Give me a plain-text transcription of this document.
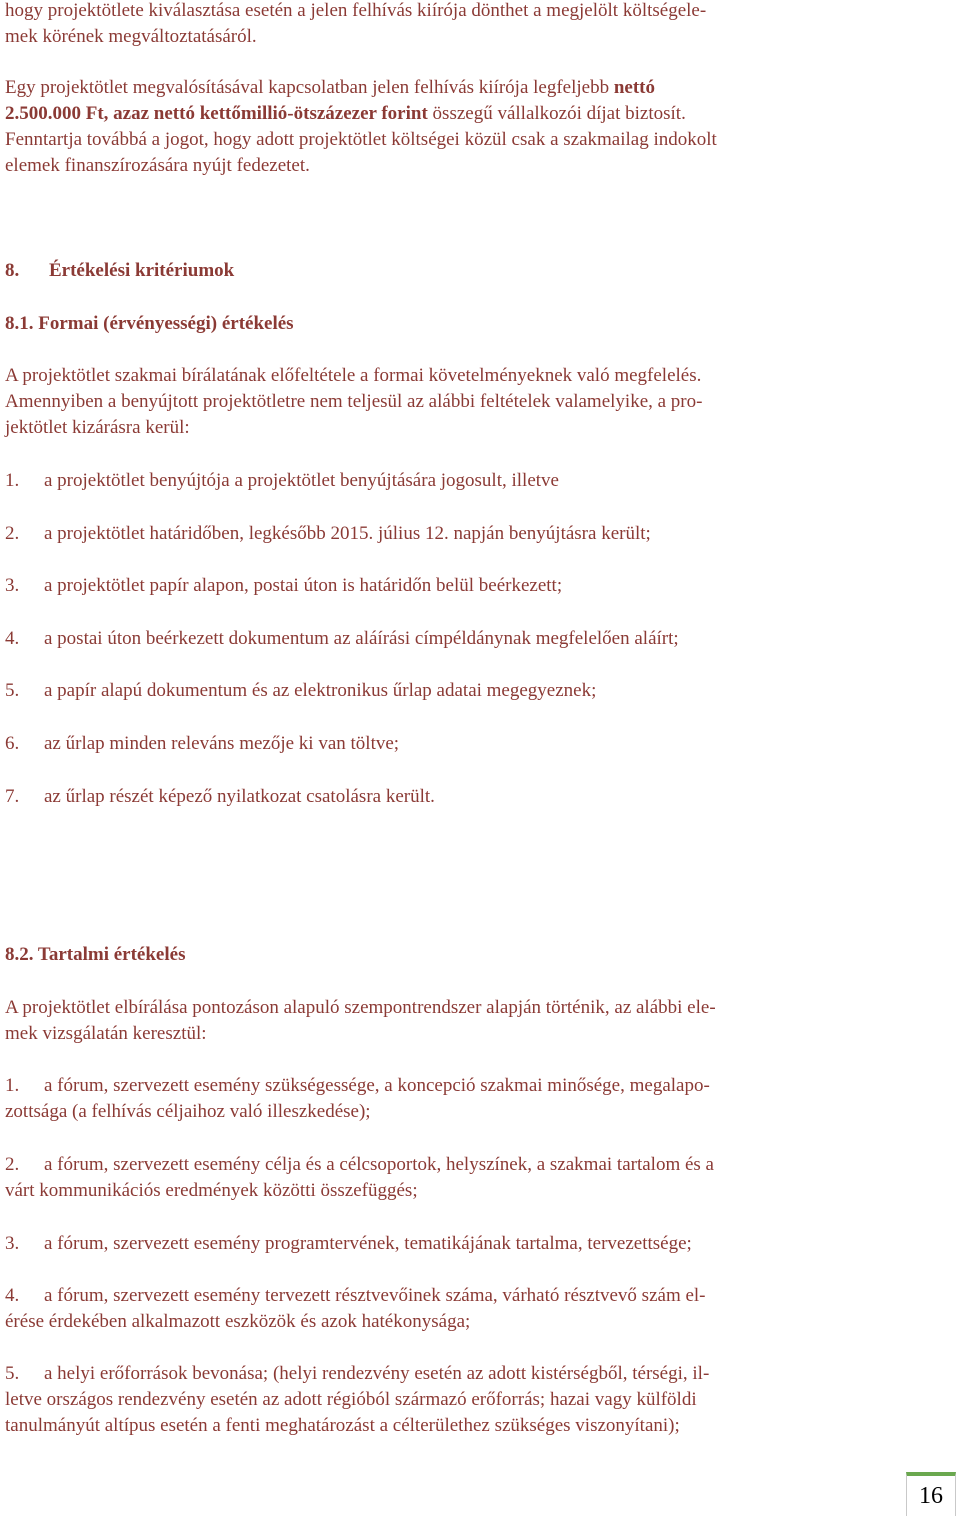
hogy projektötlete kiválasztása esetén a jelen felhívás kiírója dönthet a megjelölt költségele-

mek körének megváltoztatásáról.

Egy projektötlet megvalósításával kapcsolatban jelen felhívás kiírója legfeljebb nettó

2.500.000 Ft, azaz nettó kettőmillió-ötszázezer forint összegű vállalkozói díjat biztosít.

Fenntartja továbbá a jogot, hogy adott projektötlet költségei közül csak a szakmailag indokolt

elemek finanszírozására nyújt fedezetet.

8. Értékelési kritériumok
8.1. Formai (érvényességi) értékelés

A projektötlet szakmai bírálatának előfeltétele a formai követelményeknek való megfelelés.

Amennyiben a benyújtott projektötletre nem teljesül az alábbi feltételek valamelyike, a pro-

jektötlet kizárásra kerül:

1. a projektötlet benyújtója a projektötlet benyújtására jogosult, illetve
2. a projektötlet határidőben, legkésőbb 2015. július 12. napján benyújtásra került;
3. a projektötlet papír alapon, postai úton is határidőn belül beérkezett;
4. a postai úton beérkezett dokumentum az aláírási címpéldánynak megfelelően aláírt;
5. a papír alapú dokumentum és az elektronikus űrlap adatai megegyeznek;
6. az űrlap minden releváns mezője ki van töltve;
7. az űrlap részét képező nyilatkozat csatolásra került.
8.2. Tartalmi értékelés

A projektötlet elbírálása pontozáson alapuló szempontrendszer alapján történik, az alábbi ele-

mek vizsgálatán keresztül:

1. a fórum, szervezett esemény szükségessége, a koncepció szakmai minősége, megalapo-

zottsága (a felhívás céljaihoz való illeszkedése);

2. a fórum, szervezett esemény célja és a célcsoportok, helyszínek, a szakmai tartalom és a

várt kommunikációs eredmények közötti összefüggés;

3. a fórum, szervezett esemény programtervének, tematikájának tartalma, tervezettsége;

4. a fórum, szervezett esemény tervezett résztvevőinek száma, várható résztvevő szám el-

érése érdekében alkalmazott eszközök és azok hatékonysága;

5. a helyi erőforrások bevonása; (helyi rendezvény esetén az adott kistérségből, térségi, il-

letve országos rendezvény esetén az adott régióból származó erőforrás; hazai vagy külföldi

tanulmányút altípus esetén a fenti meghatározást a célterülethez szükséges viszonyítani);

16
